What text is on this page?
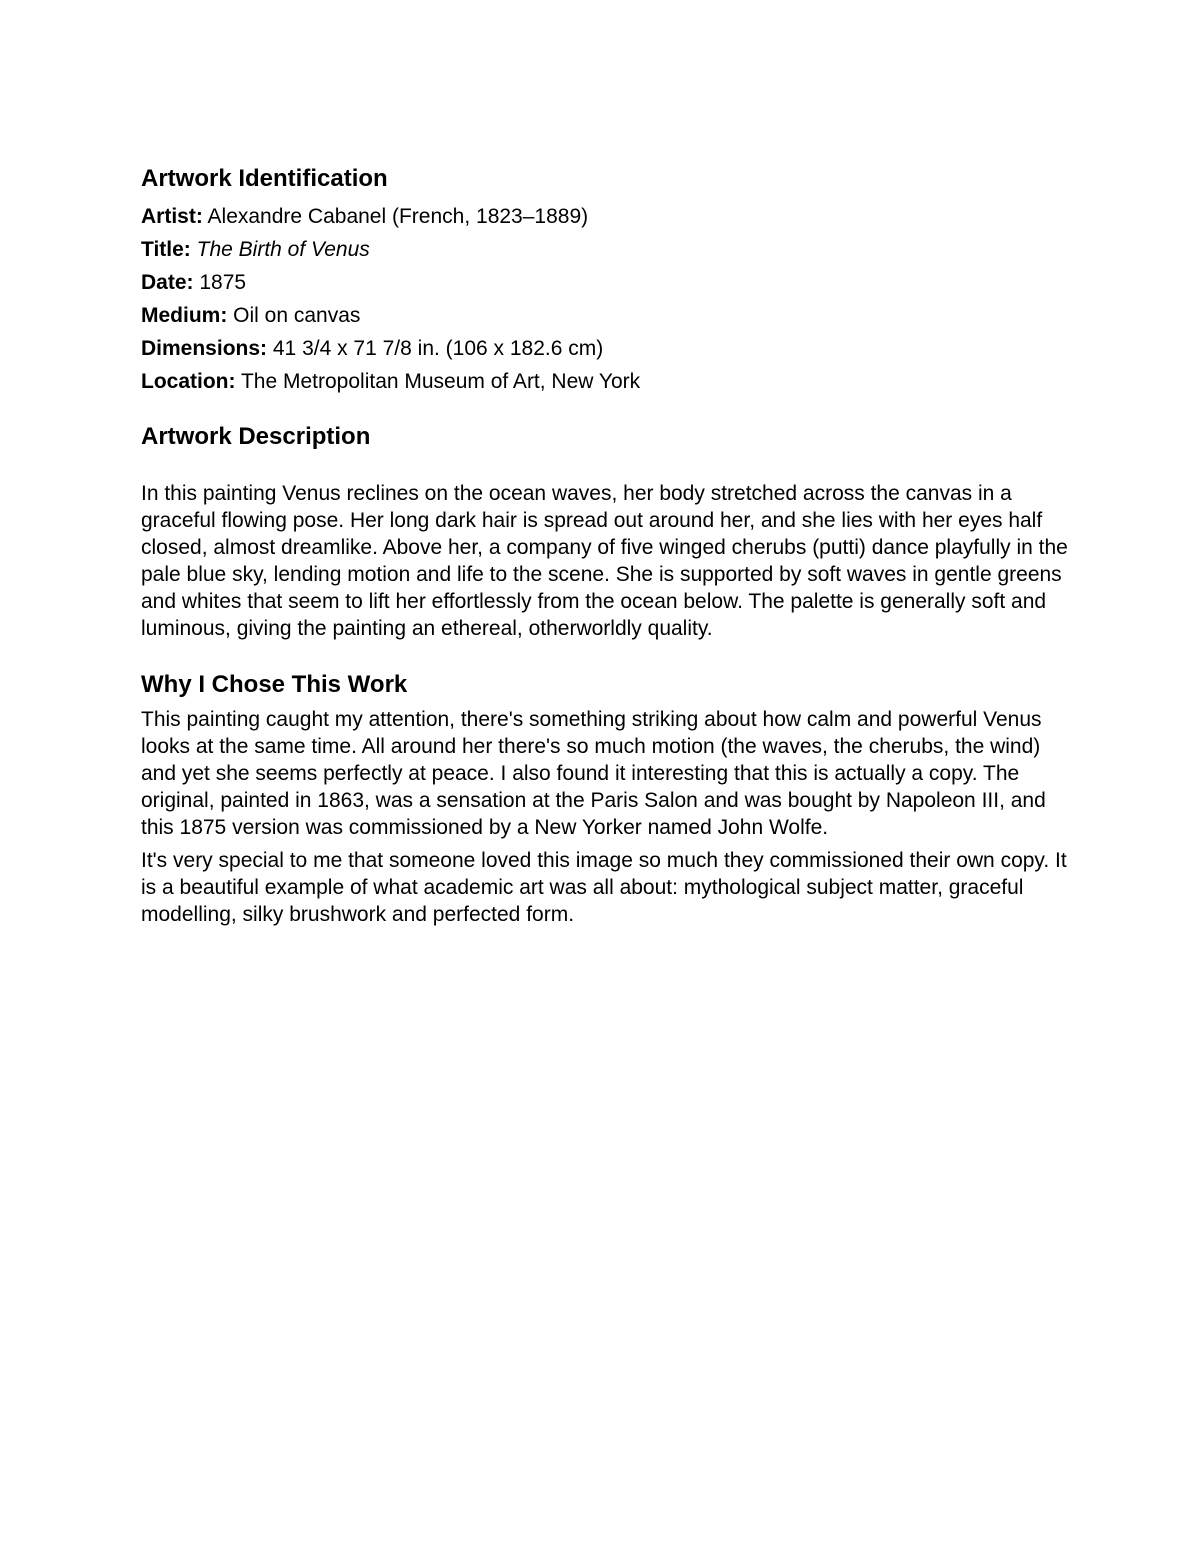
Artwork Identification
Artist: Alexandre Cabanel (French, 1823–1889)
Title: The Birth of Venus
Date: 1875
Medium: Oil on canvas
Dimensions: 41 3/4 x 71 7/8 in. (106 x 182.6 cm)
Location: The Metropolitan Museum of Art, New York
Artwork Description

In this painting Venus reclines on the ocean waves, her body stretched across the canvas in a graceful flowing pose. Her long dark hair is spread out around her, and she lies with her eyes half closed, almost dreamlike. Above her, a company of five winged cherubs (putti) dance playfully in the pale blue sky, lending motion and life to the scene. She is supported by soft waves in gentle greens and whites that seem to lift her effortlessly from the ocean below. The palette is generally soft and luminous, giving the painting an ethereal, otherworldly quality.

Why I Chose This Work

This painting caught my attention, there's something striking about how calm and powerful Venus looks at the same time. All around her there's so much motion (the waves, the cherubs, the wind) and yet she seems perfectly at peace. I also found it interesting that this is actually a copy. The original, painted in 1863, was a sensation at the Paris Salon and was bought by Napoleon III, and this 1875 version was commissioned by a New Yorker named John Wolfe.

It's very special to me that someone loved this image so much they commissioned their own copy. It is a beautiful example of what academic art was all about: mythological subject matter, graceful modelling, silky brushwork and perfected form.
